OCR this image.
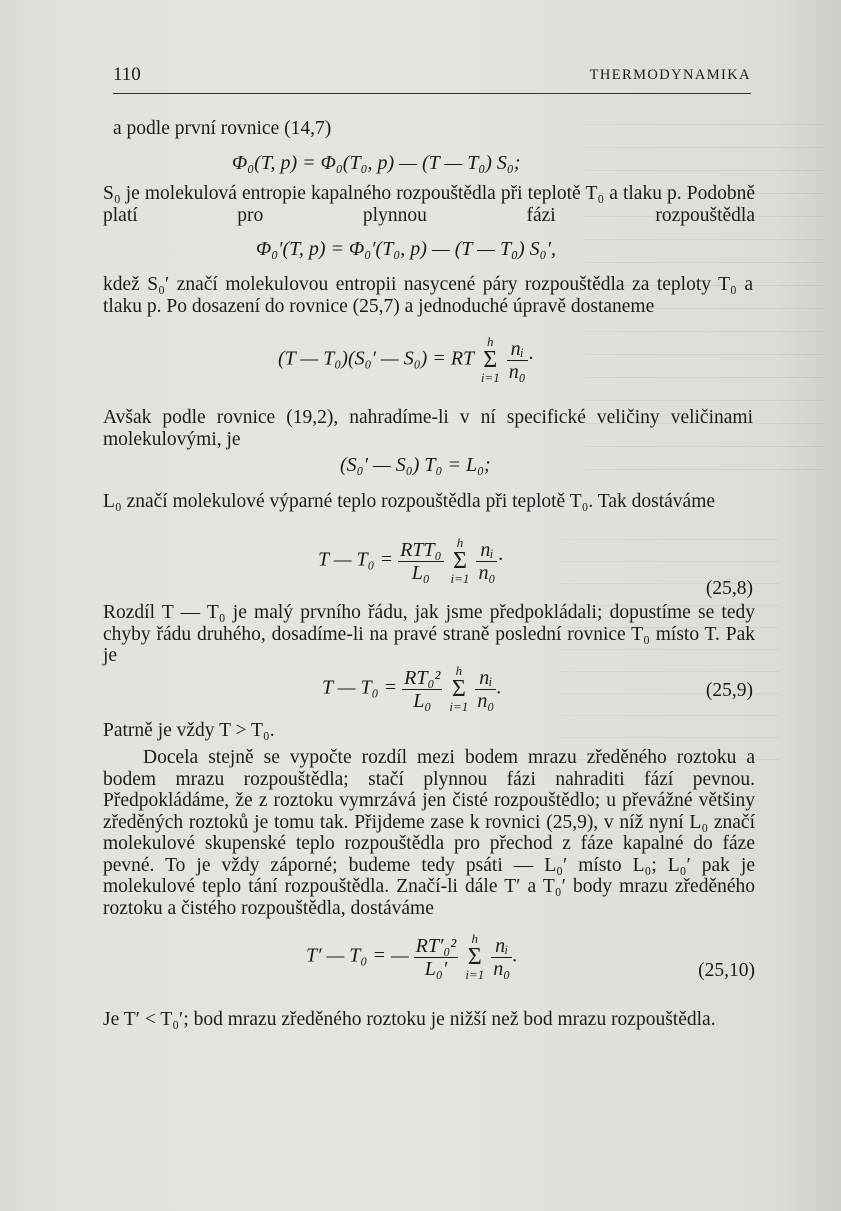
110	THERMODYNAMIKA
a podle první rovnice (14,7)
Φ₀(T, p) = Φ₀(T₀, p) — (T — T₀) S₀;
S₀ je molekulová entropie kapalného rozpouštědla při teplotě T₀ a tlaku p. Podobně platí pro plynnou fázi rozpouštědla
Φ₀′(T, p) = Φ₀′(T₀, p) — (T — T₀) S₀′,
kdež S₀′ značí molekulovou entropii nasycené páry rozpouštědla za teploty T₀ a tlaku p. Po dosazení do rovnice (25,7) a jednoduché úpravě dostaneme
(T — T₀)(S₀′ — S₀) = RT
h
Σ
i=1
$\frac{\text{nᵢ}}{\text{n₀}}$ ·
Avšak podle rovnice (19,2), nahradíme-li v ní specifické veličiny veličinami molekulovými, je
(S₀′ — S₀) T₀ = L₀;
L₀ značí molekulové výparné teplo rozpouštědla při teplotě T₀. Tak dostáváme
T — $T_0 = \frac{\text{RTT₀}}{\text{L₀}}$
	h
Σ
i=1
$\frac{\text{nᵢ}}{\text{n₀}}$ ·
(25,8)
Rozdíl T — T₀ je malý prvního řádu, jak jsme předpokládali; dopustíme se tedy chyby řádu druhého, dosadíme-li na pravé straně poslední rovnice T₀ místo T. Pak je
T — $T_0 = \frac{\text{RT₀²}}{\text{L₀}}$
	h
Σ
i=1
$\frac{\text{nᵢ}}{\text{n₀}}$ .	(25,9)
Patrně je vždy T > T₀.
Docela stejně se vypočte rozdíl mezi bodem mrazu zředěného roztoku a bodem mrazu rozpouštědla; stačí plynnou fázi nahraditi fází pevnou. Předpokládáme, že z roztoku vymrzává jen čisté rozpouštědlo; u převážné většiny zředěných roztoků je tomu tak. Přijdeme zase k rovnici (25,9), v níž nyní L₀ značí molekulové skupenské teplo rozpouštědla pro přechod z fáze kapalné do fáze pevné. To je vždy záporné; budeme tedy psáti — L₀′ místo L₀; L₀′ pak je molekulové teplo tání rozpouštědla. Značí-li dále T′ a T₀′ body mrazu zředěného roztoku a čistého rozpouštědla, dostáváme
T′ — T₀ = — $\frac{\text{RT′₀²}}{\text{L₀′}}$
	h
Σ
i=1
$\frac{\text{nᵢ}}{\text{n₀}}$ .
(25,10)
Je T′ < T₀′; bod mrazu zředěného roztoku je nižší než bod mrazu rozpouštědla.
